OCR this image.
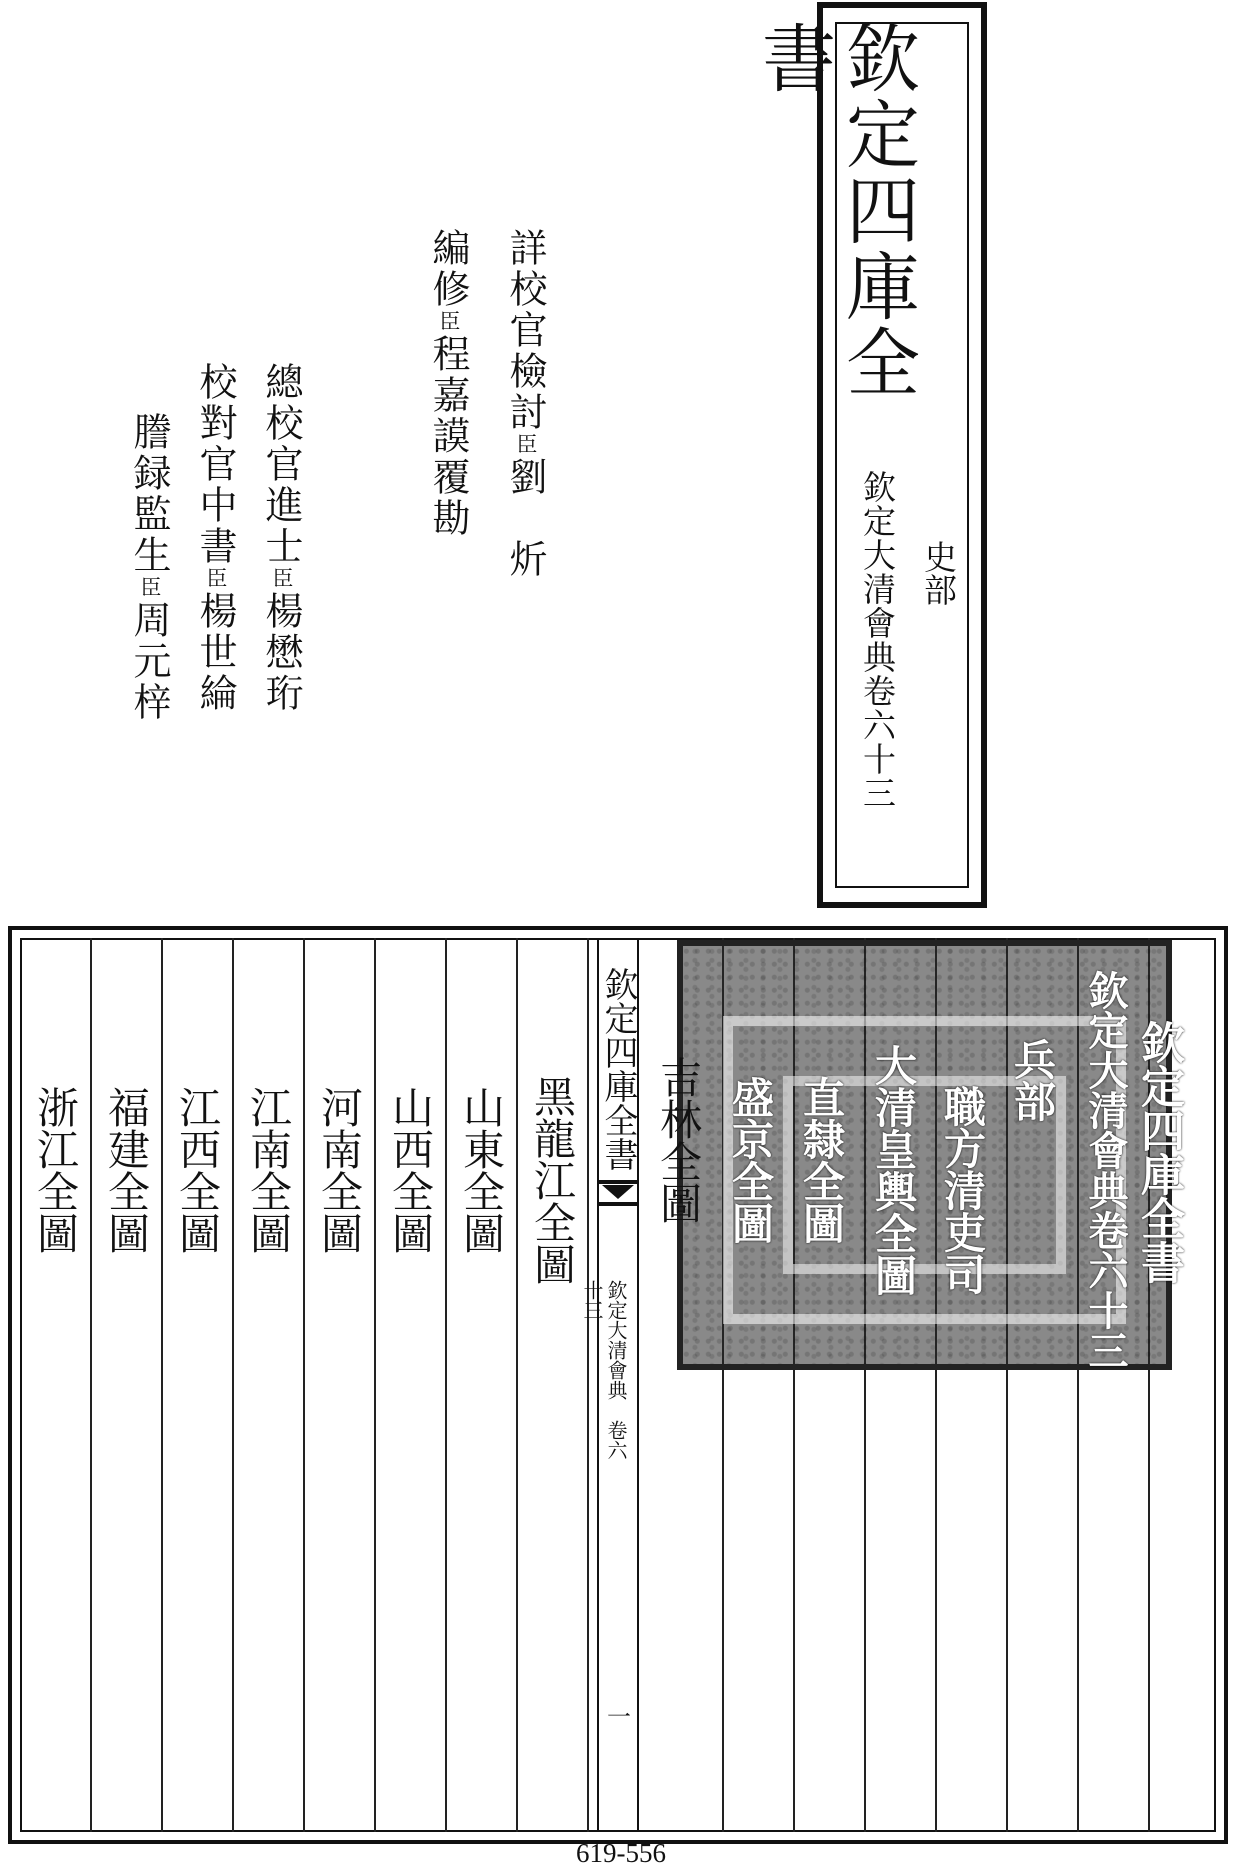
欽定四庫全書
欽定大清會典卷六十三 史部
詳校官檢討臣劉　炘
編修臣程嘉謨覆勘
總校官進士臣楊懋珩
校對官中書臣楊世綸
謄録監生臣周元梓
欽定四庫全書
欽定大清會典　卷六十三
一
欽定四庫全書
欽定大清會典卷六十三
兵部
職方清吏司
大清皇輿全圖
直隸全圖
盛京全圖
吉林全圖
黑龍江全圖
山東全圖
山西全圖
河南全圖
江南全圖
江西全圖
福建全圖
浙江全圖
619-556
